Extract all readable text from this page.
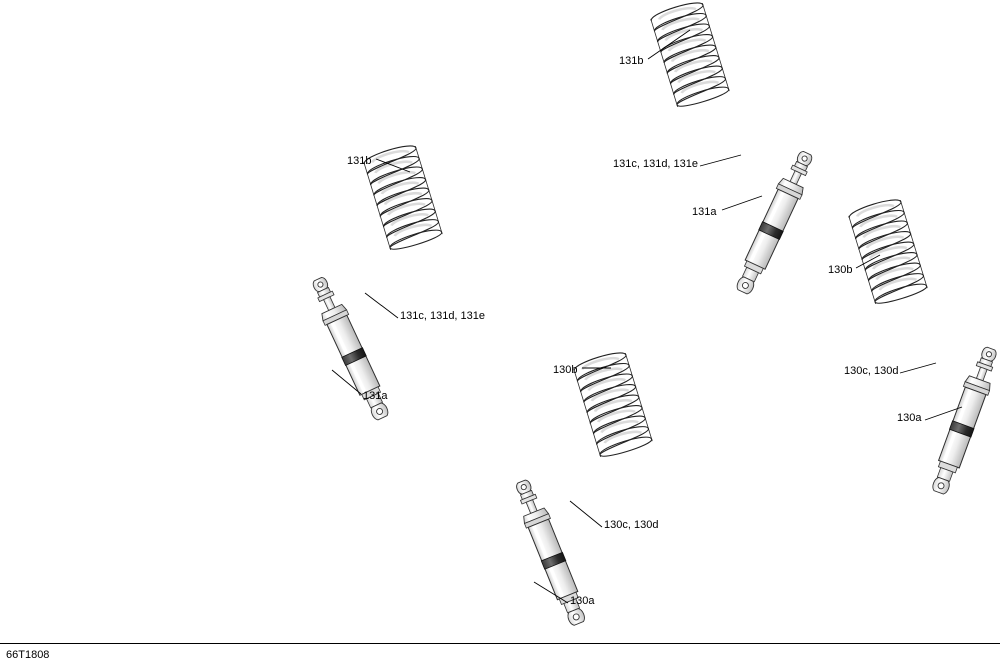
131b
131b	131c, 131d, 131e
131a
130b
131c, 131d, 131e
130c, 130d
130b
131a
130a
130c, 130d
130a
66T1808
